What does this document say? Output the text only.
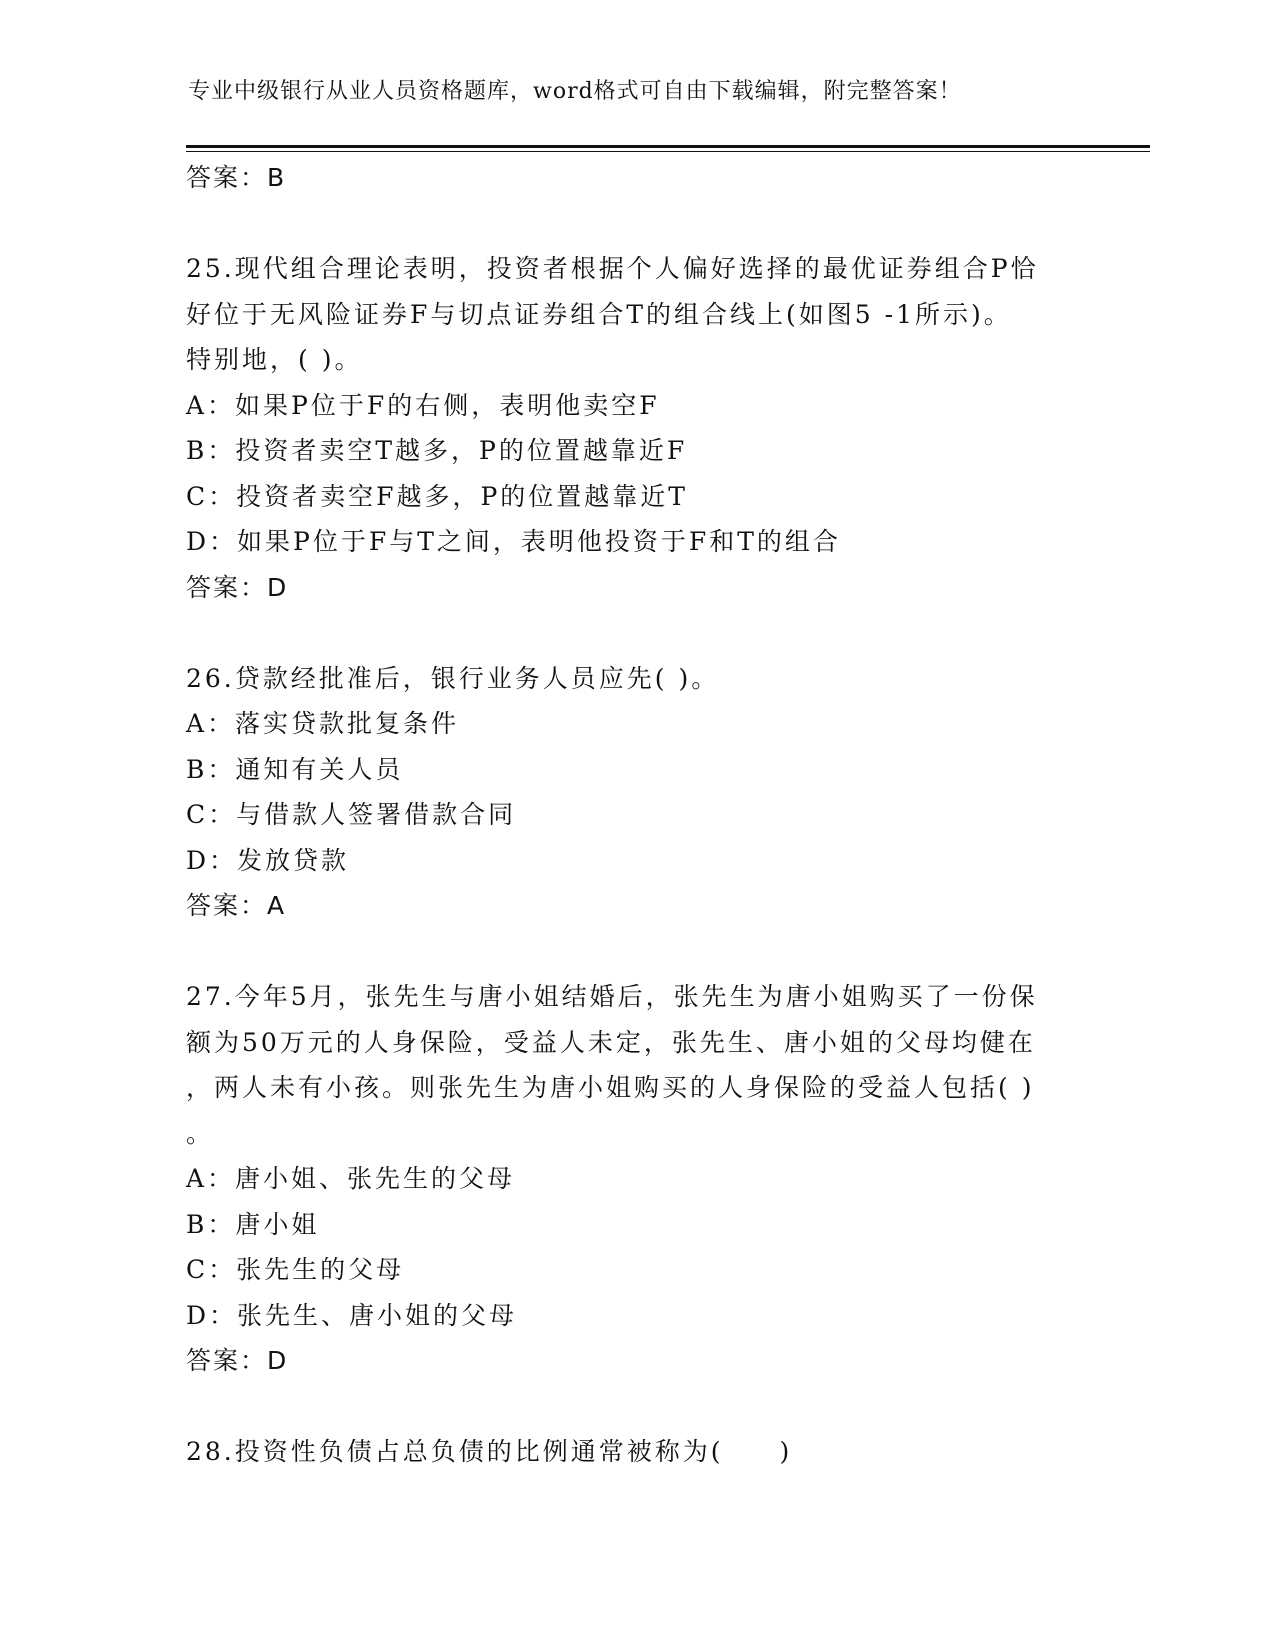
专业中级银行从业人员资格题库，word格式可自由下载编辑，附完整答案！
答案：B
25.现代组合理论表明，投资者根据个人偏好选择的最优证券组合P恰
好位于无风险证券F与切点证券组合T的组合线上(如图5 -1所示)。
特别地，( )。
A：如果P位于F的右侧，表明他卖空F
B：投资者卖空T越多，P的位置越靠近F
C：投资者卖空F越多，P的位置越靠近T
D：如果P位于F与T之间，表明他投资于F和T的组合
答案：D
26.贷款经批准后，银行业务人员应先( )。
A：落实贷款批复条件
B：通知有关人员
C：与借款人签署借款合同
D：发放贷款
答案：A
27.今年5月，张先生与唐小姐结婚后，张先生为唐小姐购买了一份保
额为50万元的人身保险，受益人未定，张先生、唐小姐的父母均健在
，两人未有小孩。则张先生为唐小姐购买的人身保险的受益人包括( )
。
A：唐小姐、张先生的父母
B：唐小姐
C：张先生的父母
D：张先生、唐小姐的父母
答案：D
28.投资性负债占总负债的比例通常被称为(　　)
